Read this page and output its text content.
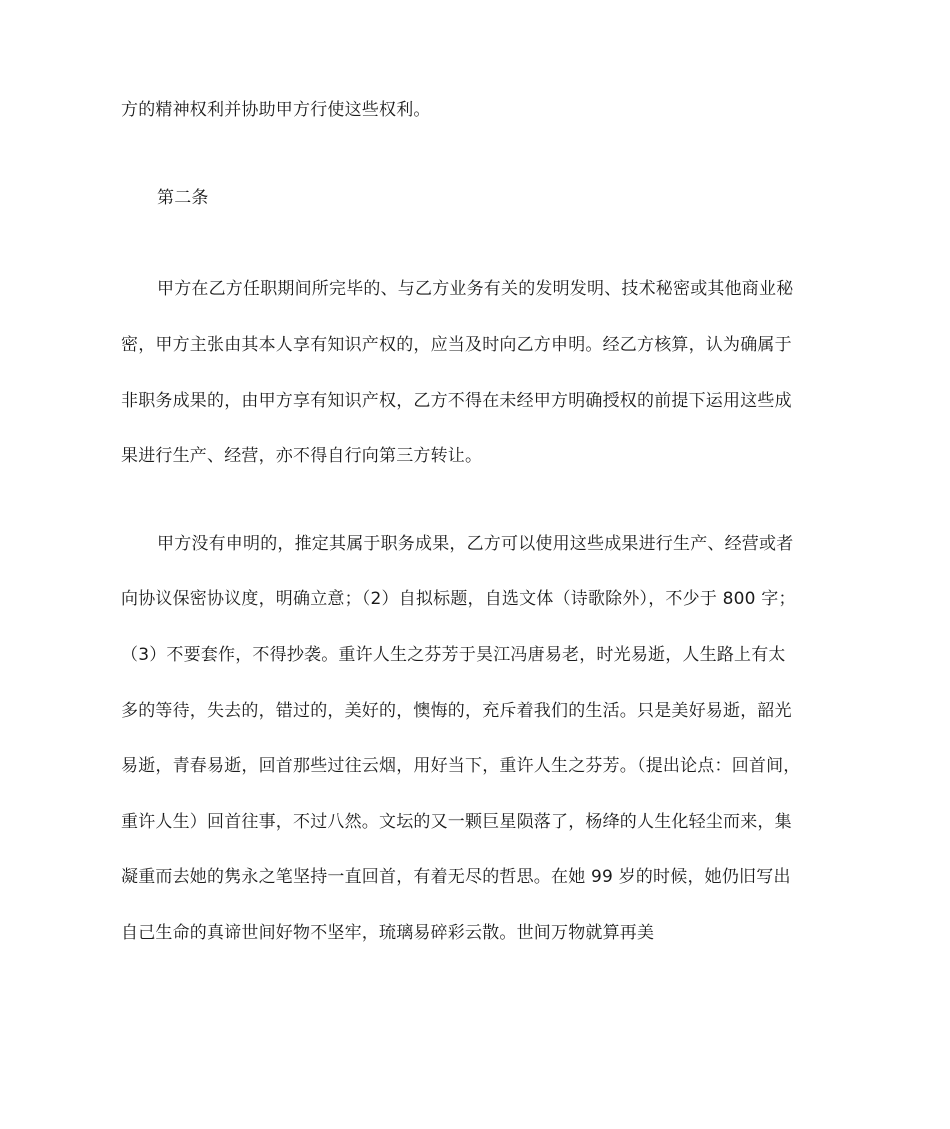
方的精神权利并协助甲方行使这些权利。
第二条
甲方在乙方任职期间所完毕的、与乙方业务有关的发明发明、技术秘密或其他商业秘
密，甲方主张由其本人享有知识产权的，应当及时向乙方申明。经乙方核算，认为确属于
非职务成果的，由甲方享有知识产权，乙方不得在未经甲方明确授权的前提下运用这些成
果进行生产、经营，亦不得自行向第三方转让。
甲方没有申明的，推定其属于职务成果，乙方可以使用这些成果进行生产、经营或者
向协议保密协议度，明确立意；（2）自拟标题，自选文体（诗歌除外），不少于 800 字；
（3）不要套作，不得抄袭。重许人生之芬芳于昊江冯唐易老，时光易逝，人生路上有太
多的等待，失去的，错过的，美好的，懊悔的，充斥着我们的生活。只是美好易逝，韶光
易逝，青春易逝，回首那些过往云烟，用好当下，重许人生之芬芳。（提出论点：回首间，
重许人生）回首往事，不过八然。文坛的又一颗巨星陨落了，杨绛的人生化轻尘而来，集
凝重而去她的隽永之笔坚持一直回首，有着无尽的哲思。在她 99 岁的时候，她仍旧写出
自己生命的真谛世间好物不坚牢，琉璃易碎彩云散。世间万物就算再美
